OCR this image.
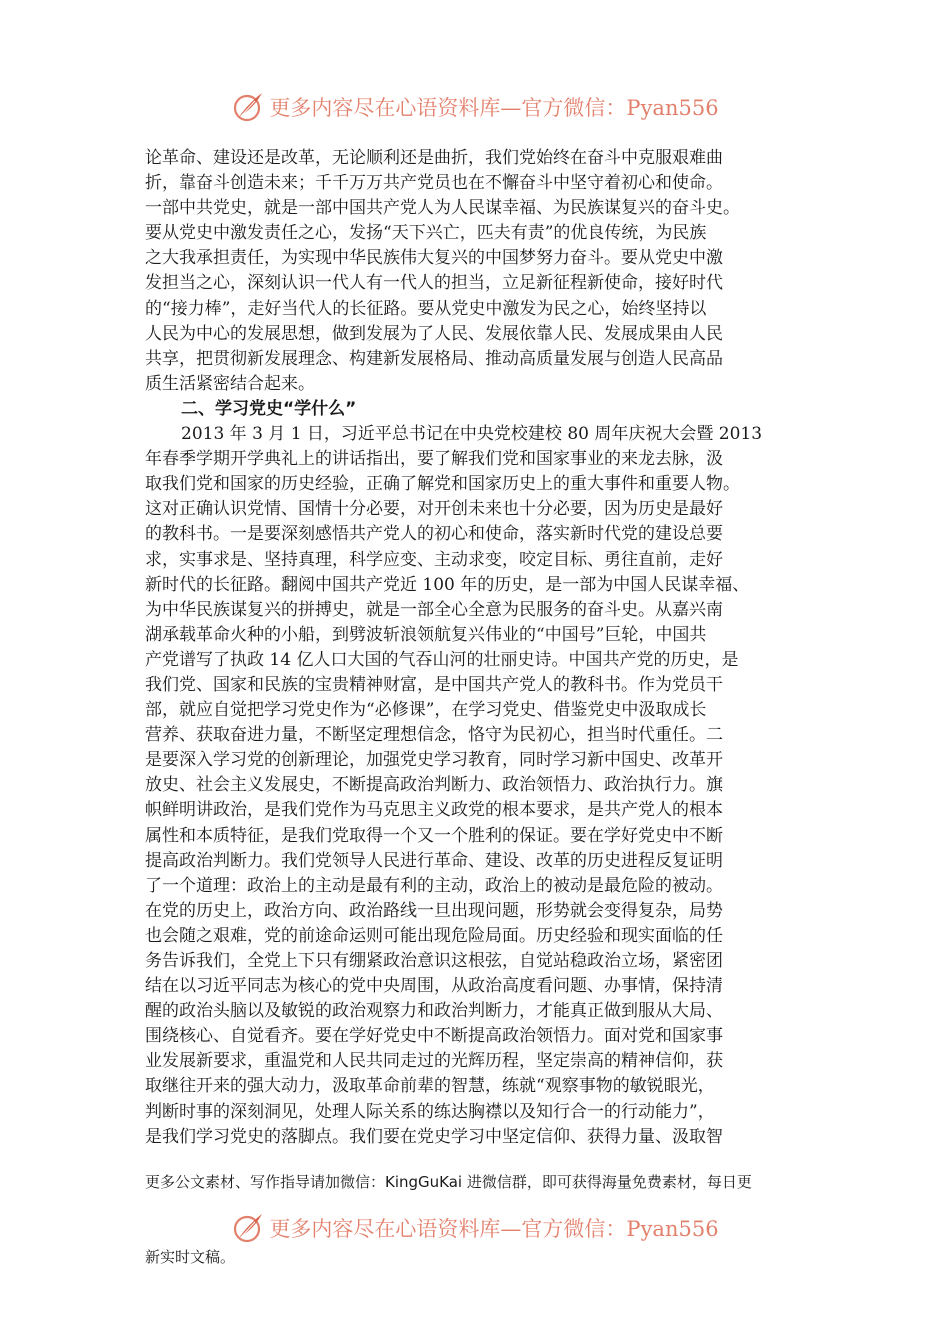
更多内容尽在心语资料库—官方微信：Pyan556
论革命、建设还是改革，无论顺利还是曲折，我们党始终在奋斗中克服艰难曲
折，靠奋斗创造未来；千千万万共产党员也在不懈奋斗中坚守着初心和使命。
一部中共党史，就是一部中国共产党人为人民谋幸福、为民族谋复兴的奋斗史。
要从党史中激发责任之心，发扬“天下兴亡，匹夫有责”的优良传统，为民族
之大我承担责任，为实现中华民族伟大复兴的中国梦努力奋斗。要从党史中激
发担当之心，深刻认识一代人有一代人的担当，立足新征程新使命，接好时代
的“接力棒”，走好当代人的长征路。要从党史中激发为民之心，始终坚持以
人民为中心的发展思想，做到发展为了人民、发展依靠人民、发展成果由人民
共享，把贯彻新发展理念、构建新发展格局、推动高质量发展与创造人民高品
质生活紧密结合起来。
二、学习党史“学什么”
2013 年 3 月 1 日，习近平总书记在中央党校建校 80 周年庆祝大会暨 2013
年春季学期开学典礼上的讲话指出，要了解我们党和国家事业的来龙去脉，汲
取我们党和国家的历史经验，正确了解党和国家历史上的重大事件和重要人物。
这对正确认识党情、国情十分必要，对开创未来也十分必要，因为历史是最好
的教科书。一是要深刻感悟共产党人的初心和使命，落实新时代党的建设总要
求，实事求是、坚持真理，科学应变、主动求变，咬定目标、勇往直前，走好
新时代的长征路。翻阅中国共产党近 100 年的历史，是一部为中国人民谋幸福、
为中华民族谋复兴的拼搏史，就是一部全心全意为民服务的奋斗史。从嘉兴南
湖承载革命火种的小船，到劈波斩浪领航复兴伟业的“中国号”巨轮，中国共
产党谱写了执政 14 亿人口大国的气吞山河的壮丽史诗。中国共产党的历史，是
我们党、国家和民族的宝贵精神财富，是中国共产党人的教科书。作为党员干
部，就应自觉把学习党史作为“必修课”，在学习党史、借鉴党史中汲取成长
营养、获取奋进力量，不断坚定理想信念，恪守为民初心，担当时代重任。二
是要深入学习党的创新理论，加强党史学习教育，同时学习新中国史、改革开
放史、社会主义发展史，不断提高政治判断力、政治领悟力、政治执行力。旗
帜鲜明讲政治，是我们党作为马克思主义政党的根本要求，是共产党人的根本
属性和本质特征，是我们党取得一个又一个胜利的保证。要在学好党史中不断
提高政治判断力。我们党领导人民进行革命、建设、改革的历史进程反复证明
了一个道理：政治上的主动是最有利的主动，政治上的被动是最危险的被动。
在党的历史上，政治方向、政治路线一旦出现问题，形势就会变得复杂，局势
也会随之艰难，党的前途命运则可能出现危险局面。历史经验和现实面临的任
务告诉我们，全党上下只有绷紧政治意识这根弦，自觉站稳政治立场，紧密团
结在以习近平同志为核心的党中央周围，从政治高度看问题、办事情，保持清
醒的政治头脑以及敏锐的政治观察力和政治判断力，才能真正做到服从大局、
围绕核心、自觉看齐。要在学好党史中不断提高政治领悟力。面对党和国家事
业发展新要求，重温党和人民共同走过的光辉历程，坚定崇高的精神信仰，获
取继往开来的强大动力，汲取革命前辈的智慧，练就“观察事物的敏锐眼光，
判断时事的深刻洞见，处理人际关系的练达胸襟以及知行合一的行动能力”，
是我们学习党史的落脚点。我们要在党史学习中坚定信仰、获得力量、汲取智
更多公文素材、写作指导请加微信：KingGuKai 进微信群，即可获得海量免费素材，每日更
更多内容尽在心语资料库—官方微信：Pyan556
新实时文稿。
